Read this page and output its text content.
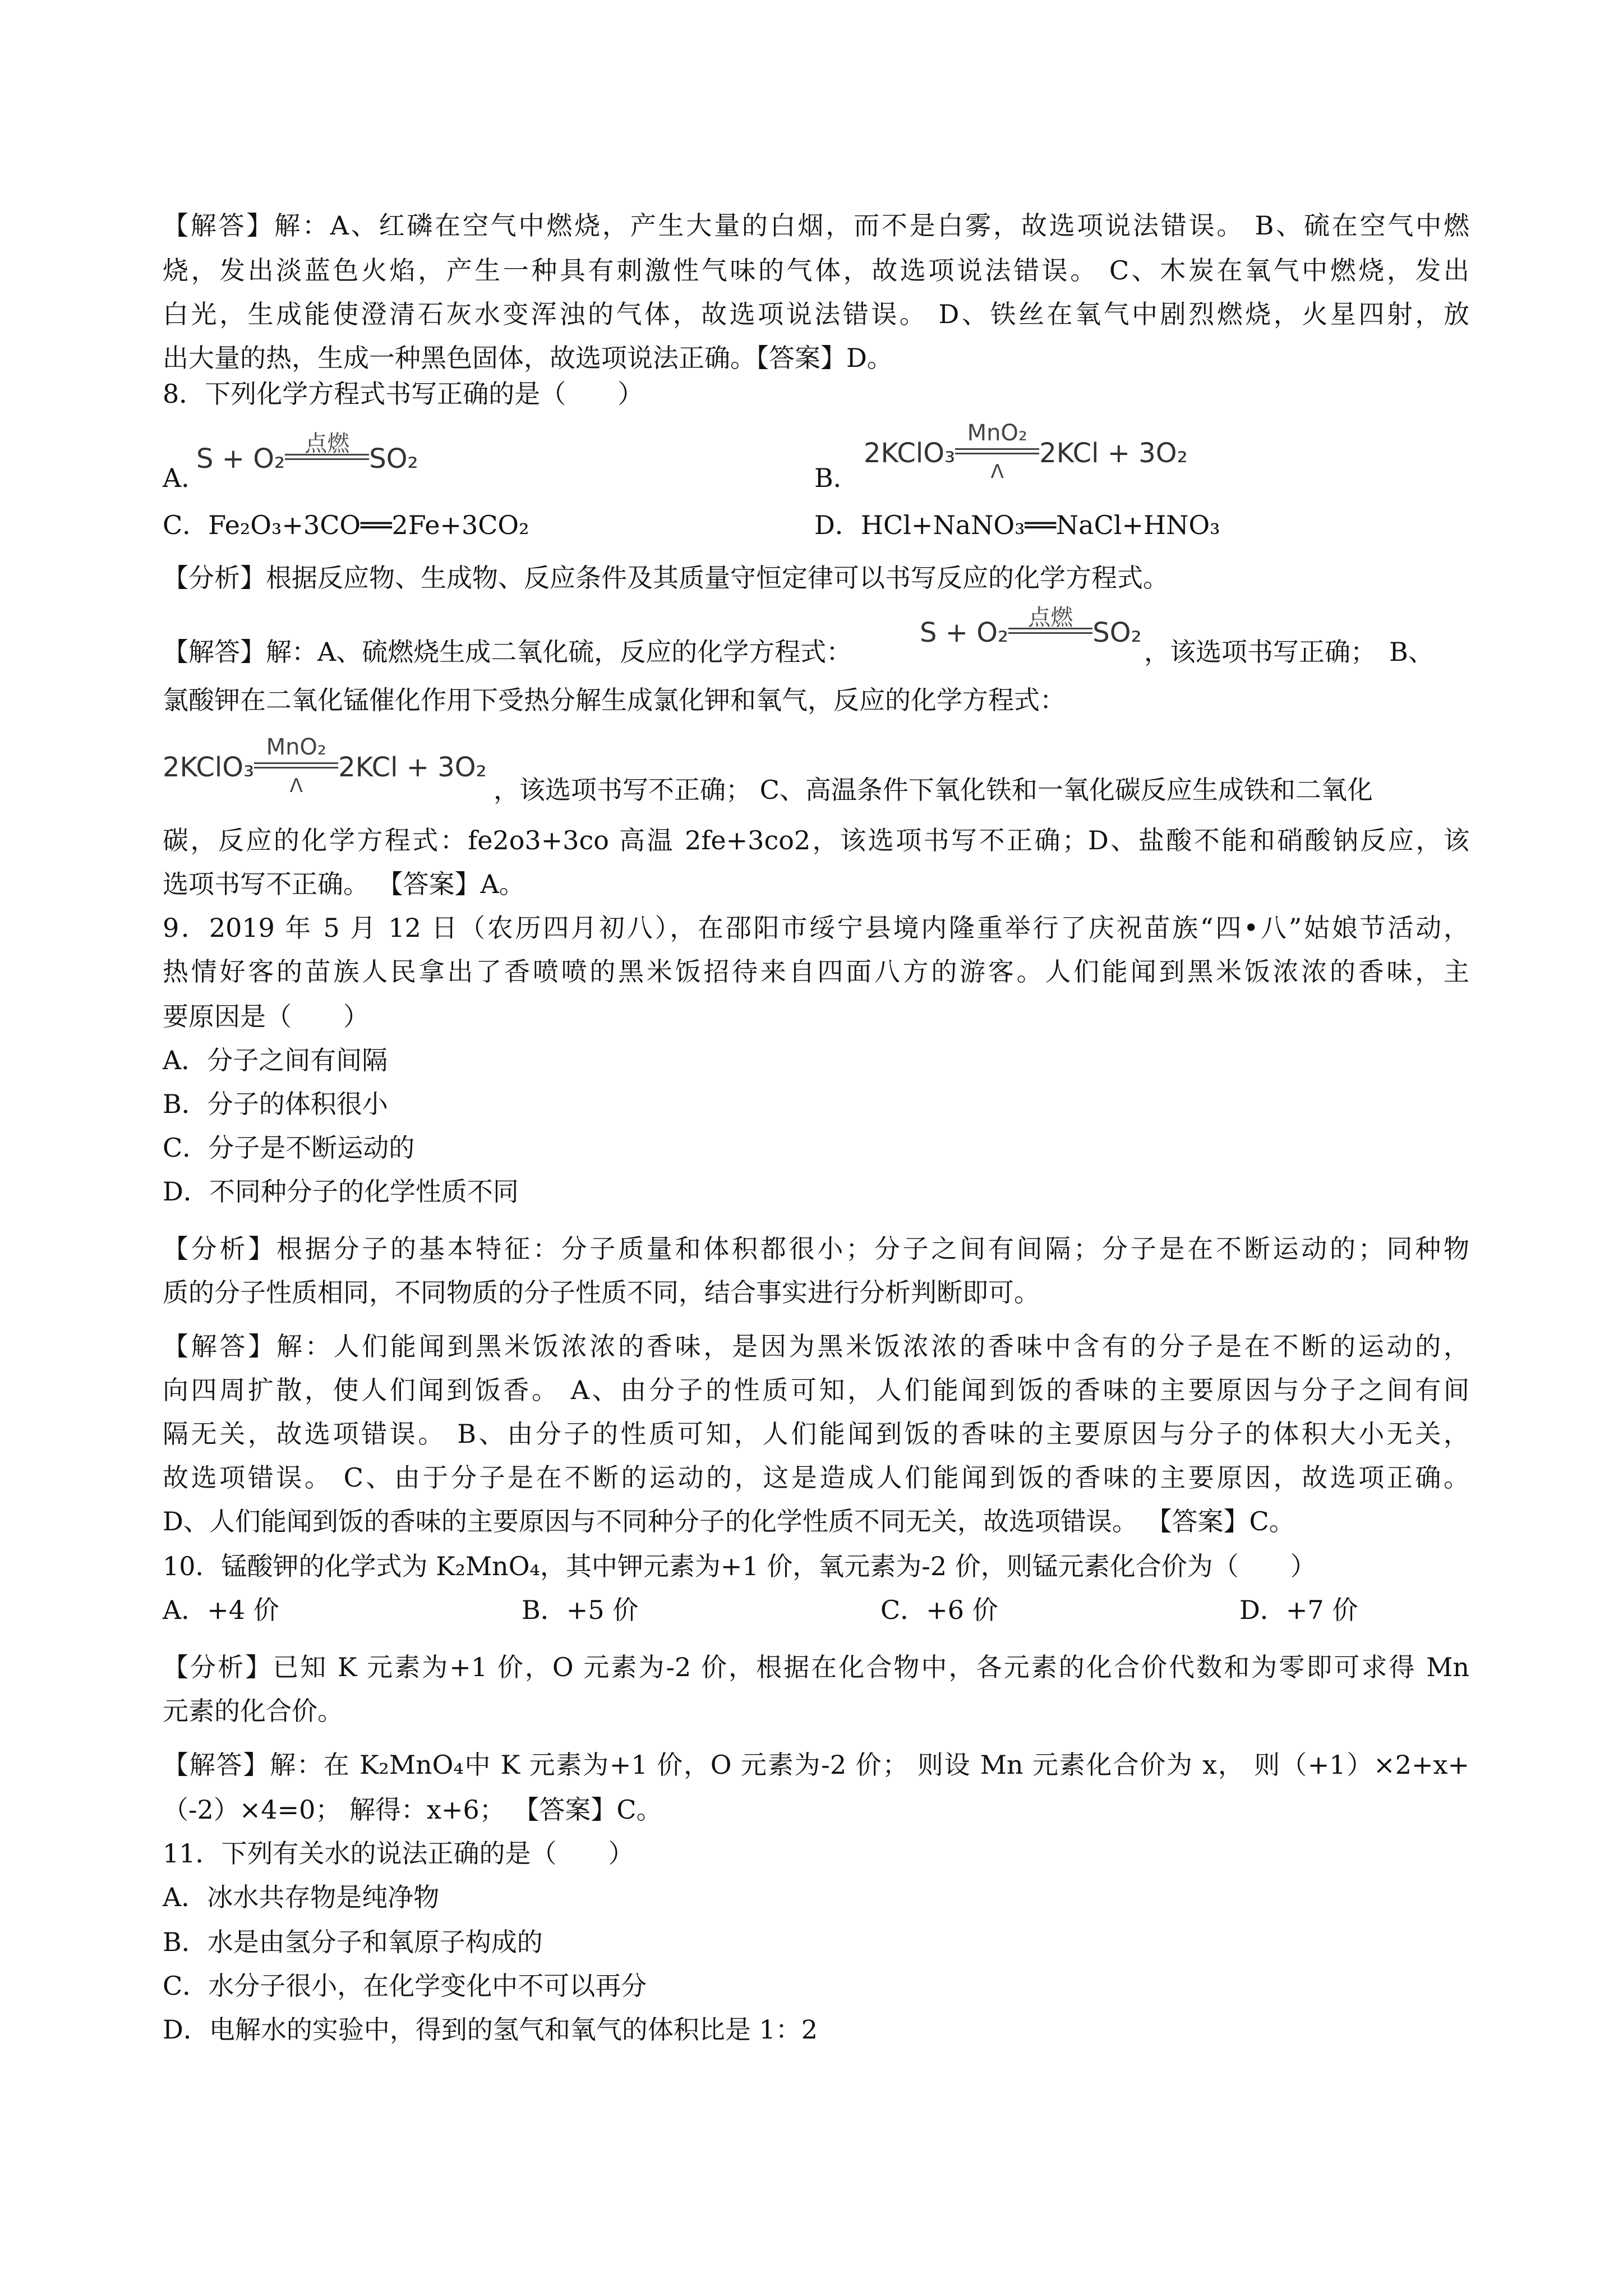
【解答】解：A、红磷在空气中燃烧，产生大量的白烟，而不是白雾，故选项说法错误。 B、硫在空气中燃
烧，发出淡蓝色火焰，产生一种具有刺激性气味的气体，故选项说法错误。 C、木炭在氧气中燃烧，发出
白光，生成能使澄清石灰水变浑浊的气体，故选项说法错误。 D、铁丝在氧气中剧烈燃烧，火星四射，放
出大量的热，生成一种黑色固体，故选项说法正确。【答案】D。
8．下列化学方程式书写正确的是（　　）
A．
S + O₂ 点燃 SO₂
B．
2KClO₃
MnO₂
Λ
2KCl + 3O₂
C．Fe₂O₃+3CO══2Fe+3CO₂	D．HCl+NaNO₃══NaCl+HNO₃
【分析】根据反应物、生成物、反应条件及其质量守恒定律可以书写反应的化学方程式。
【解答】解：A、硫燃烧生成二氧化硫，反应的化学方程式：
S + O₂ 点燃 SO₂
，该选项书写正确；　B、
氯酸钾在二氧化锰催化作用下受热分解生成氯化钾和氧气，反应的化学方程式：
2KClO₃
MnO₂
Λ
2KCl + 3O₂
，该选项书写不正确； C、高温条件下氧化铁和一氧化碳反应生成铁和二氧化
碳，反应的化学方程式：fe2o3+3co 高温 2fe+3co2，该选项书写不正确；D、盐酸不能和硝酸钠反应，该
选项书写不正确。 【答案】A。
9．2019 年 5 月 12 日（农历四月初八），在邵阳市绥宁县境内隆重举行了庆祝苗族“四•八”姑娘节活动，
热情好客的苗族人民拿出了香喷喷的黑米饭招待来自四面八方的游客。人们能闻到黑米饭浓浓的香味，主
要原因是（　　）
A．分子之间有间隔
B．分子的体积很小
C．分子是不断运动的
D．不同种分子的化学性质不同
【分析】根据分子的基本特征：分子质量和体积都很小；分子之间有间隔；分子是在不断运动的；同种物
质的分子性质相同，不同物质的分子性质不同，结合事实进行分析判断即可。
【解答】解：人们能闻到黑米饭浓浓的香味，是因为黑米饭浓浓的香味中含有的分子是在不断的运动的，
向四周扩散，使人们闻到饭香。 A、由分子的性质可知，人们能闻到饭的香味的主要原因与分子之间有间
隔无关，故选项错误。 B、由分子的性质可知，人们能闻到饭的香味的主要原因与分子的体积大小无关，
故选项错误。 C、由于分子是在不断的运动的，这是造成人们能闻到饭的香味的主要原因，故选项正确。
D、人们能闻到饭的香味的主要原因与不同种分子的化学性质不同无关，故选项错误。 【答案】C。
10．锰酸钾的化学式为 K₂MnO₄，其中钾元素为+1 价，氧元素为-2 价，则锰元素化合价为（　　）
A．+4 价	B．+5 价	C．+6 价	D．+7 价
【分析】已知 K 元素为+1 价，O 元素为-2 价，根据在化合物中，各元素的化合价代数和为零即可求得 Mn
元素的化合价。
【解答】解：在 K₂MnO₄中 K 元素为+1 价，O 元素为-2 价； 则设 Mn 元素化合价为 x， 则（+1）×2+x+
（-2）×4=0； 解得：x+6； 【答案】C。
11．下列有关水的说法正确的是（　　）
A．冰水共存物是纯净物
B．水是由氢分子和氧原子构成的
C．水分子很小，在化学变化中不可以再分
D．电解水的实验中，得到的氢气和氧气的体积比是 1：2
